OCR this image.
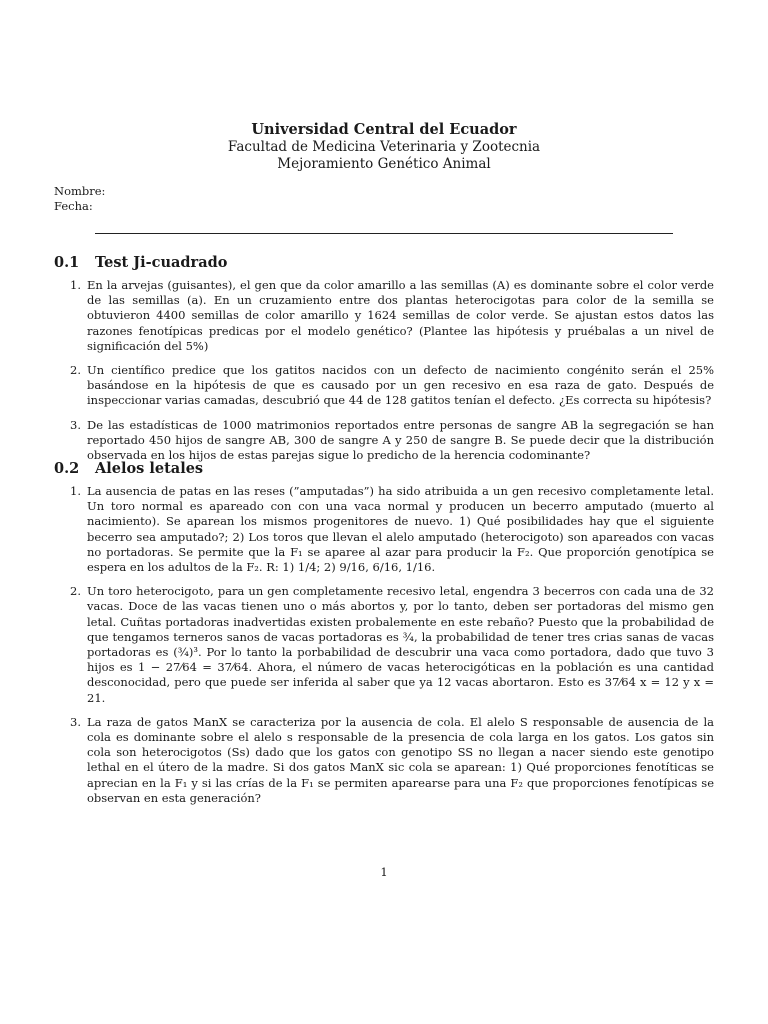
Universidad Central del Ecuador
Facultad de Medicina Veterinaria y Zootecnia
Mejoramiento Genético Animal
Nombre:
Fecha:
0.1 Test Ji-cuadrado
1. En la arvejas (guisantes), el gen que da color amarillo a las semillas (A) es dominante sobre el color verde de las semillas (a). En un cruzamiento entre dos plantas heterocigotas para color de la semilla se obtuvieron 4400 semillas de color amarillo y 1624 semillas de color verde. Se ajustan estos datos las razones fenotípicas predicas por el modelo genético? (Plantee las hipótesis y pruébalas a un nivel de significación del 5%)
2. Un científico predice que los gatitos nacidos con un defecto de nacimiento congénito serán el 25% basándose en la hipótesis de que es causado por un gen recesivo en esa raza de gato. Después de inspeccionar varias camadas, descubrió que 44 de 128 gatitos tenían el defecto. ¿Es correcta su hipótesis?
3. De las estadísticas de 1000 matrimonios reportados entre personas de sangre AB la segregación se han reportado 450 hijos de sangre AB, 300 de sangre A y 250 de sangre B. Se puede decir que la distribución observada en los hijos de estas parejas sigue lo predicho de la herencia codominante?
0.2 Alelos letales
1. La ausencia de patas en las reses (”amputadas”) ha sido atribuida a un gen recesivo completamente letal. Un toro normal es apareado con con una vaca normal y producen un becerro amputado (muerto al nacimiento). Se aparean los mismos progenitores de nuevo. 1) Qué posibilidades hay que el siguiente becerro sea amputado?; 2) Los toros que llevan el alelo amputado (heterocigoto) son apareados con vacas no portadoras. Se permite que la F₁ se aparee al azar para producir la F₂. Que proporción genotípica se espera en los adultos de la F₂. R: 1) 1/4; 2) 9/16, 6/16, 1/16.
2. Un toro heterocigoto, para un gen completamente recesivo letal, engendra 3 becerros con cada una de 32 vacas. Doce de las vacas tienen uno o más abortos y, por lo tanto, deben ser portadoras del mismo gen letal. Cuñtas portadoras inadvertidas existen probalemente en este rebaño? Puesto que la probabilidad de que tengamos terneros sanos de vacas portadoras es ¾, la probabilidad de tener tres crias sanas de vacas portadoras es (¾)³. Por lo tanto la porbabilidad de descubrir una vaca como portadora, dado que tuvo 3 hijos es 1 − 27⁄64 = 37⁄64. Ahora, el número de vacas heterocigóticas en la población es una cantidad desconocidad, pero que puede ser inferida al saber que ya 12 vacas abortaron. Esto es 37⁄64 x = 12 y x = 21.
3. La raza de gatos ManX se caracteriza por la ausencia de cola. El alelo S responsable de ausencia de la cola es dominante sobre el alelo s responsable de la presencia de cola larga en los gatos. Los gatos sin cola son heterocigotos (Ss) dado que los gatos con genotipo SS no llegan a nacer siendo este genotipo lethal en el útero de la madre. Si dos gatos ManX sic cola se aparean: 1) Qué proporciones fenotíticas se aprecian en la F₁ y si las crías de la F₁ se permiten aparearse para una F₂ que proporciones fenotípicas se observan en esta generación?
1
